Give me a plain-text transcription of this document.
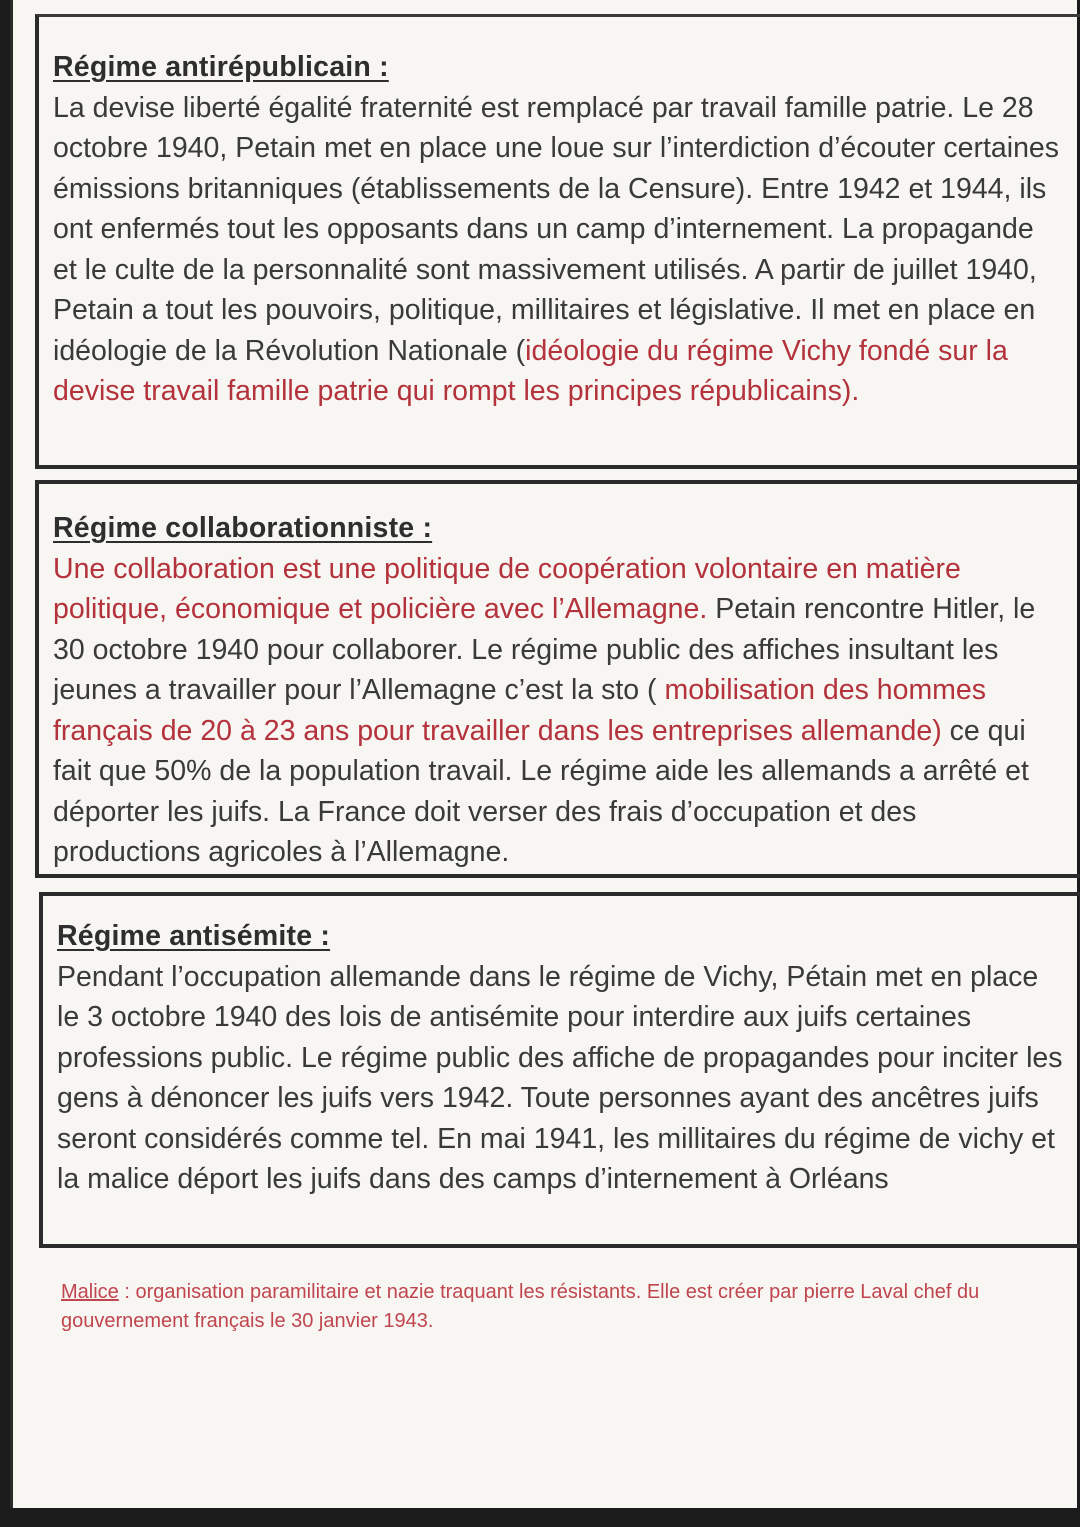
Régime antirépublicain :

La devise liberté égalité fraternité est remplacé par travail famille patrie. Le 28 octobre 1940, Petain met en place une loue sur l’interdiction d’écouter certaines émissions britanniques (établissements de la Censure). Entre 1942 et 1944, ils ont enfermés tout les opposants dans un camp d’internement. La propagande et le culte de la personnalité sont massivement utilisés. A partir de juillet 1940, Petain a tout les pouvoirs, politique, millitaires et législative. Il met en place en idéologie de la Révolution Nationale (idéologie du régime Vichy fondé sur la devise travail famille patrie qui rompt les principes républicains).

Régime collaborationniste :

Une collaboration est une politique de coopération volontaire en matière politique, économique et policière avec l’Allemagne. Petain rencontre Hitler, le 30 octobre 1940 pour collaborer. Le régime public des affiches insultant les jeunes a travailler pour l’Allemagne c’est la sto ( mobilisation des hommes français de 20 à 23 ans pour travailler dans les entreprises allemande) ce qui fait que 50% de la population travail. Le régime aide les allemands a arrêté et déporter les juifs. La France doit verser des frais d’occupation et des productions agricoles à l’Allemagne.

Régime antisémite :

Pendant l’occupation allemande dans le régime de Vichy, Pétain met en place le 3 octobre 1940 des lois de antisémite pour interdire aux juifs certaines professions public. Le régime public des affiche de propagandes pour inciter les gens à dénoncer les juifs vers 1942. Toute personnes ayant des ancêtres juifs seront considérés comme tel. En mai 1941, les millitaires du régime de vichy et la malice déport les juifs dans des camps d’internement à Orléans

Malice : organisation paramilitaire et nazie traquant les résistants. Elle est créer par pierre Laval chef du gouvernement français le 30 janvier 1943.
